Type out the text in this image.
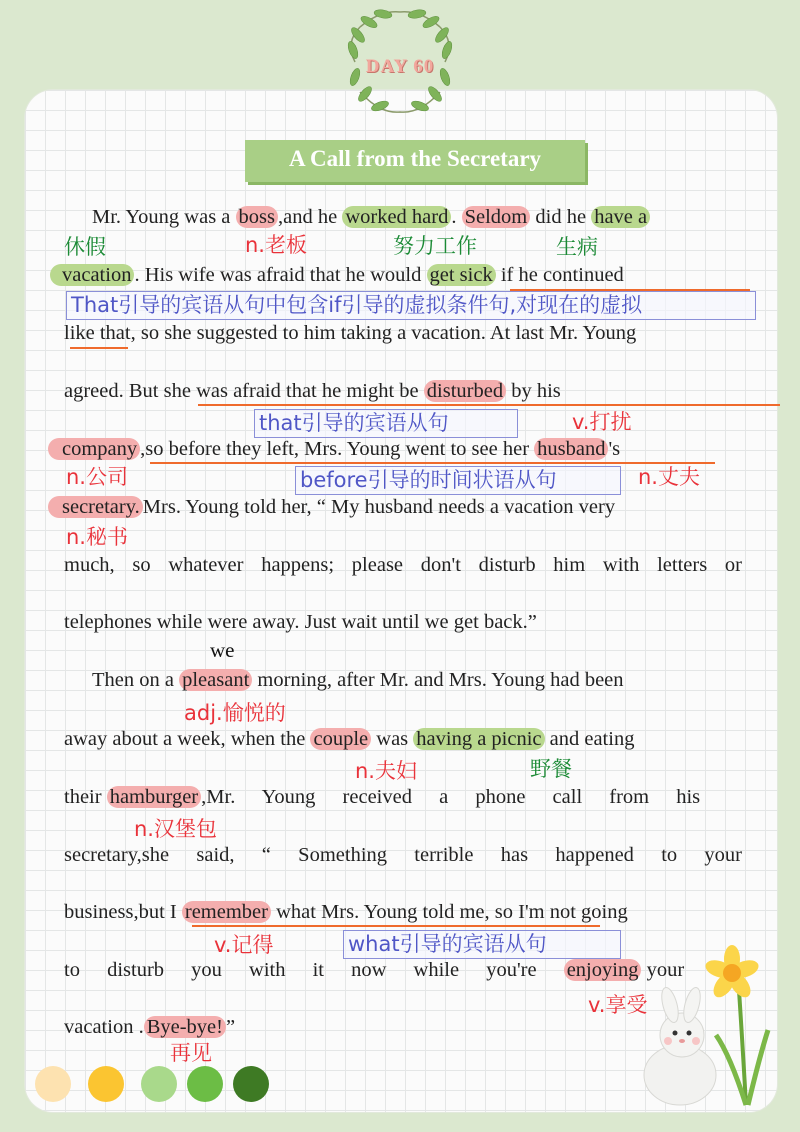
DAY 60
A Call from the Secretary
Mr. Young was a boss ,and he worked hard . Seldom did he have a
休假	n.老板	努力工作	生病
vacation . His wife was afraid that he would get sick if he continued
That引导的宾语从句中包含if引导的虚拟条件句,对现在的虚拟
like that, so she suggested to him taking a vacation. At last Mr. Young
agreed. But she was afraid that he might be disturbed by his
that引导的宾语从句	v.打扰
company ,so before they left, Mrs. Young went to see her husband 's
n.公司	before引导的时间状语从句	n.丈夫
secretary. Mrs. Young told her, “ My husband needs a vacation very
n.秘书
much, so whatever happens; please don't disturb him with letters or
telephones while were away. Just wait until we get back.”
we
Then on a pleasant morning, after Mr. and Mrs. Young had been
adj.愉悦的
away about a week, when the couple was having a picnic and eating
n.夫妇	野餐
their hamburger ,Mr. Young received a phone call from his
n.汉堡包
secretary,she said, “ Something terrible has happened to your
business,but I remember what Mrs. Young told me, so I'm not going
v.记得	what引导的宾语从句
to disturb you with it now while you're enjoying your
v.享受
vacation . Bye-bye! ”
再见
